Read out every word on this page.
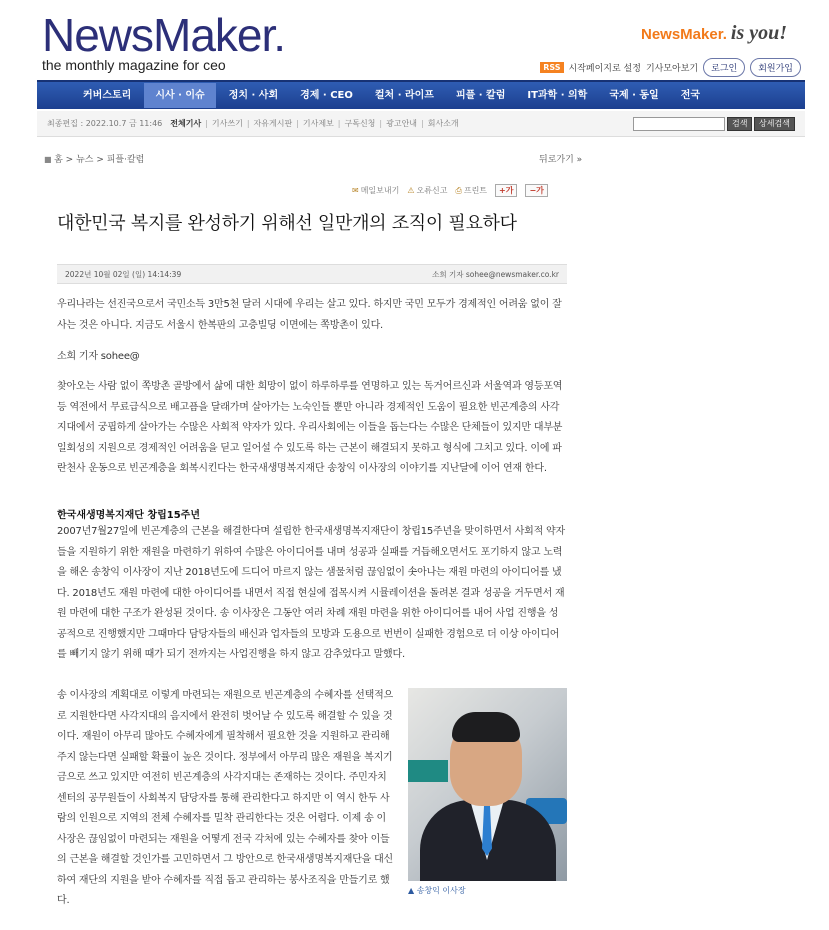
NewsMaker.
the monthly magazine for ceo
NewsMaker. is you!
RSS 시작페이지로 설정 기사모아보기	로그인	회원가입
커버스토리	시사 · 이슈	정치 · 사회	경제 · CEO	컬처 · 라이프	피플 · 칼럼	IT과학 · 의학	국제 · 동일	전국
최종편집 : 2022.10.7 금 11:46 전체기사 | 기사쓰기 | 자유게시판 | 기사제보 | 구독신청 | 광고안내 | 회사소개	검색	상세검색
■ 홈 > 뉴스 > 피플·칼럼	뒤로가기 »
✉ 메일보내기 ⚠ 오류신고 ⎙ 프린트	+가	−가
대한민국 복지를 완성하기 위해선 일만개의 조직이 필요하다
2022년 10월 02일 (일) 14:14:39	소희 기자 sohee@newsmaker.co.kr
우리나라는 선진국으로서 국민소득 3만5천 달러 시대에 우리는 살고 있다. 하지만 국민 모두가 경제적인 어려움 없이 잘 사는 것은 아니다. 지금도 서울시 한복판의 고층빌딩 이면에는 쪽방촌이 있다.
소희 기자 sohee@
찾아오는 사람 없이 쪽방촌 골방에서 삶에 대한 희망이 없이 하루하루를 연명하고 있는 독거어르신과 서울역과 영등포역등 역전에서 무료급식으로 배고픔을 달래가며 살아가는 노숙인들 뿐만 아니라 경제적인 도움이 필요한 빈곤계층의 사각지대에서 궁핍하게 살아가는 수많은 사회적 약자가 있다. 우리사회에는 이들을 돕는다는 수많은 단체들이 있지만 대부분 일회성의 지원으로 경제적인 어려움을 딛고 일어설 수 있도록 하는 근본이 해결되지 못하고 형식에 그치고 있다. 이에 파란천사 운동으로 빈곤계층을 회복시킨다는 한국새생명복지재단 송창익 이사장의 이야기를 지난달에 이어 연재 한다.
한국새생명복지재단 창립15주년
2007년7월27일에 빈곤계층의 근본을 해결한다며 설립한 한국새생명복지재단이 창립15주년을 맞이하면서 사회적 약자들을 지원하기 위한 재원을 마련하기 위하여 수많은 아이디어를 내며 성공과 실패를 거듭해오면서도 포기하지 않고 노력을 해온 송창익 이사장이 지난 2018년도에 드디어 마르지 않는 샘물처럼 끊임없이 솟아나는 재원 마련의 아이디어를 냈다. 2018년도 재원 마련에 대한 아이디어를 내면서 직접 현실에 접목시켜 시뮬레이션을 돌려본 결과 성공을 거두면서 재원 마련에 대한 구조가 완성된 것이다. 송 이사장은 그동안 여러 차례 재원 마련을 위한 아이디어를 내어 사업 진행을 성공적으로 진행했지만 그때마다 담당자들의 배신과 업자들의 모방과 도용으로 번번이 실패한 경험으로 더 이상 아이디어를 빼기지 않기 위해 때가 되기 전까지는 사업진행을 하지 않고 감추었다고 말했다.
송 이사장의 계획대로 이렇게 마련되는 재원으로 빈곤계층의 수혜자를 선택적으로 지원한다면 사각지대의 음지에서 완전히 벗어날 수 있도록 해결할 수 있을 것이다. 재원이 아무리 많아도 수혜자에게 필착해서 필요한 것을 지원하고 관리해 주지 않는다면 실패할 확률이 높은 것이다. 정부에서 아무리 많은 재원을 복지기금으로 쓰고 있지만 여전히 빈곤계층의 사각지대는 존재하는 것이다. 주민자치센터의 공무원들이 사회복지 담당자를 통해 관리한다고 하지만 이 역시 한두 사람의 인원으로 지역의 전체 수혜자를 밀착 관리한다는 것은 어렵다. 이제 송 이사장은 끊임없이 마련되는 재원을 어떻게 전국 각처에 있는 수혜자를 찾아 이들의 근본을 해결할 것인가를 고민하면서 그 방안으로 한국새생명복지재단을 대신하여 재단의 지원을 받아 수혜자를 직접 돕고 관리하는 봉사조직을 만들기로 했다.
▲ 송창익 이사장
